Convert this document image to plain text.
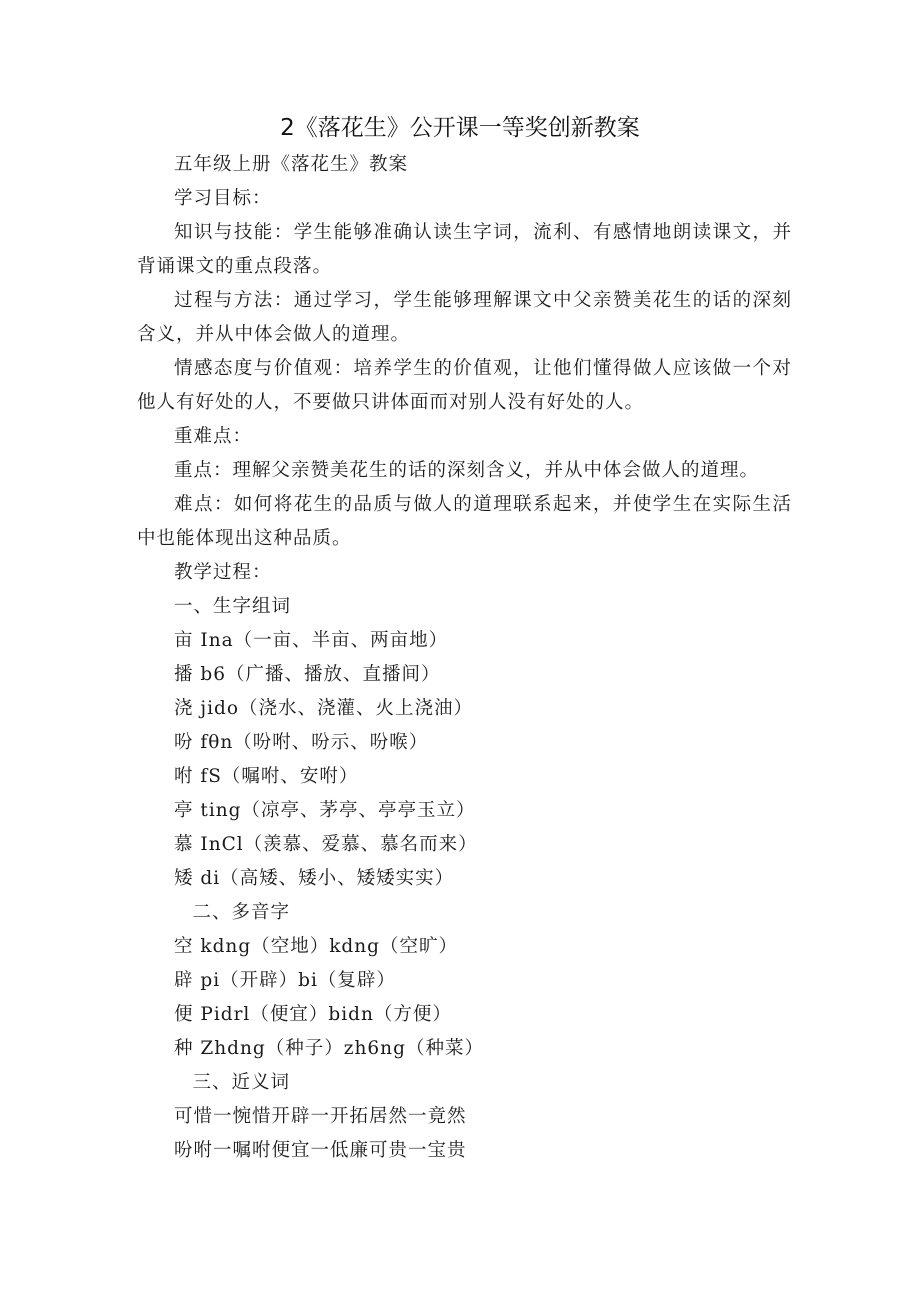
2《落花生》公开课一等奖创新教案

五年级上册《落花生》教案

学习目标：

知识与技能：学生能够准确认读生字词，流利、有感情地朗读课文，并背诵课文的重点段落。

过程与方法：通过学习，学生能够理解课文中父亲赞美花生的话的深刻含义，并从中体会做人的道理。

情感态度与价值观：培养学生的价值观，让他们懂得做人应该做一个对他人有好处的人，不要做只讲体面而对别人没有好处的人。

重难点：

重点：理解父亲赞美花生的话的深刻含义，并从中体会做人的道理。

难点：如何将花生的品质与做人的道理联系起来，并使学生在实际生活中也能体现出这种品质。

教学过程：

一、生字组词

亩 Ina（一亩、半亩、两亩地）

播 b6（广播、播放、直播间）

浇 jido（浇水、浇灌、火上浇油）

吩 fθn（吩咐、吩示、吩喉）

咐 fS（嘱咐、安咐）

亭 ting（凉亭、茅亭、亭亭玉立）

慕 InCl（羡慕、爱慕、慕名而来）

矮 di（高矮、矮小、矮矮实实）

二、多音字

空 kdng（空地）kdng（空旷）

辟 pi（开辟）bi（复辟）

便 Pidrl（便宜）bidn（方便）

种 Zhdng（种子）zh6ng（种菜）

三、近义词

可惜一惋惜开辟一开拓居然一竟然

吩咐一嘱咐便宜一低廉可贵一宝贵
